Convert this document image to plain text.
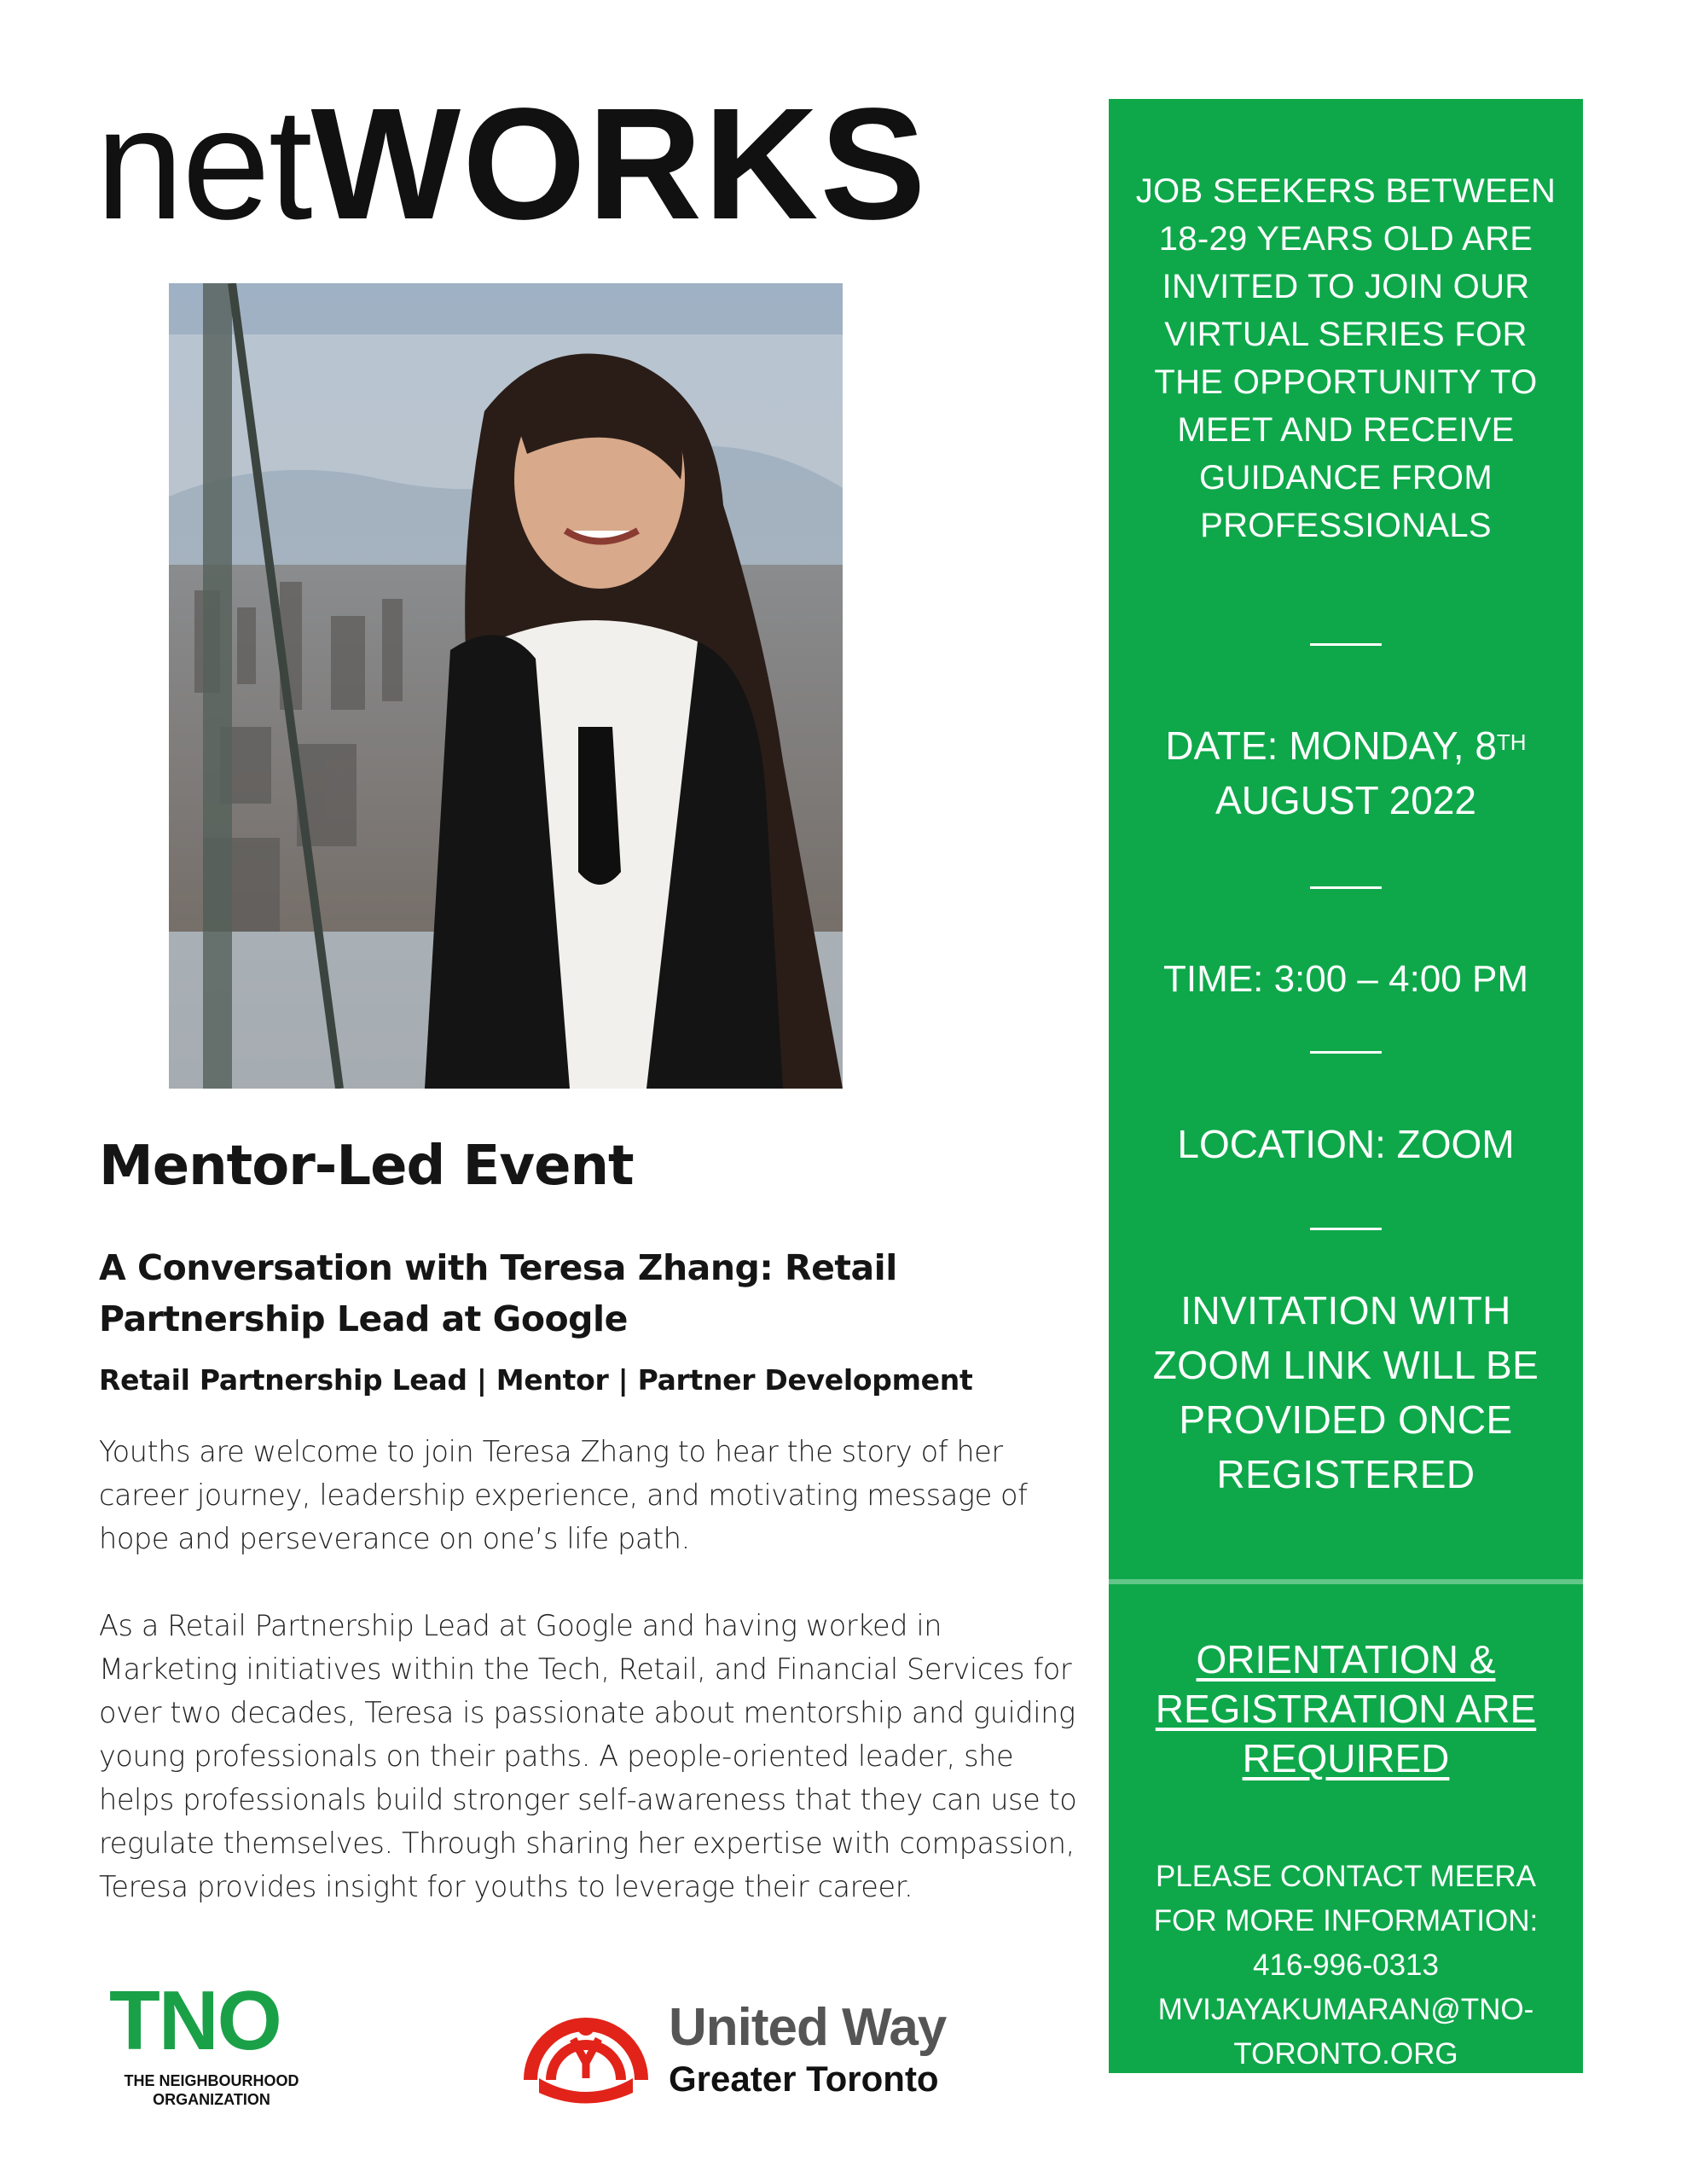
netWORKS
Mentor-Led Event
A Conversation with Teresa Zhang: Retail Partnership Lead at Google
Retail Partnership Lead | Mentor | Partner Development
Youths are welcome to join Teresa Zhang to hear the story of her career journey, leadership experience, and motivating message of hope and perseverance on one’s life path.
As a Retail Partnership Lead at Google and having worked in Marketing initiatives within the Tech, Retail, and Financial Services for over two decades, Teresa is passionate about mentorship and guiding young professionals on their paths. A people-oriented leader, she helps professionals build stronger self-awareness that they can use to regulate themselves. Through sharing her expertise with compassion, Teresa provides insight for youths to leverage their career.
TNO
THE NEIGHBOURHOOD ORGANIZATION
United Way
Greater Toronto
JOB SEEKERS BETWEEN 18-29 YEARS OLD ARE INVITED TO JOIN OUR VIRTUAL SERIES FOR THE OPPORTUNITY TO MEET AND RECEIVE GUIDANCE FROM PROFESSIONALS
DATE: MONDAY, 8TH
AUGUST 2022
TIME: 3:00 – 4:00 PM
LOCATION: ZOOM
INVITATION WITH ZOOM LINK WILL BE PROVIDED ONCE REGISTERED
ORIENTATION & REGISTRATION ARE REQUIRED
PLEASE CONTACT MEERA FOR MORE INFORMATION:
416-996-0313
MVIJAYAKUMARAN@TNO-TORONTO.ORG
